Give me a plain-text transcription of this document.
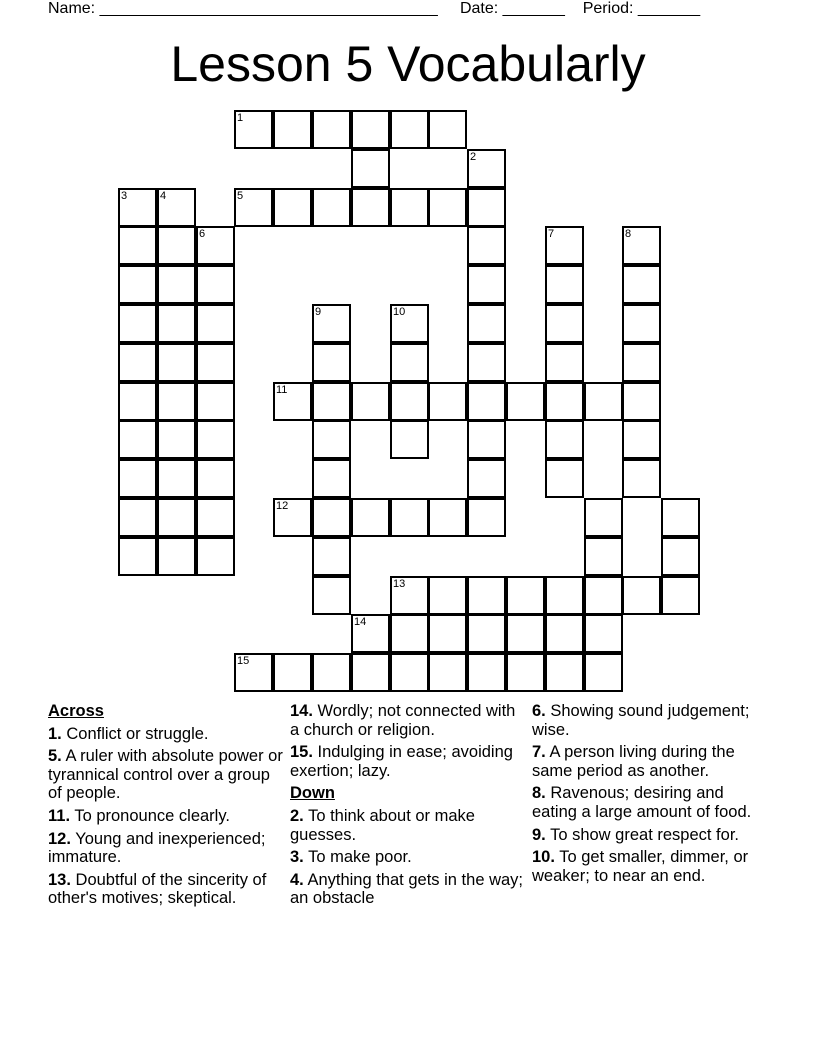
Name: ______________________________________ Date: _______ Period: _______
Lesson 5 Vocabularly
1
2
3	4	5
6	7	8
9	10
11
12
13
14
15
Across
1. Conflict or struggle.
5. A ruler with absolute power or tyrannical control over a group of people.
11. To pronounce clearly.
12. Young and inexperienced; immature.
13. Doubtful of the sincerity of other's motives; skeptical.
14. Wordly; not connected with a church or religion.
15. Indulging in ease; avoiding exertion; lazy.
Down
2. To think about or make guesses.
3. To make poor.
4. Anything that gets in the way; an obstacle
6. Showing sound judgement; wise.
7. A person living during the same period as another.
8. Ravenous; desiring and eating a large amount of food.
9. To show great respect for.
10. To get smaller, dimmer, or weaker; to near an end.
